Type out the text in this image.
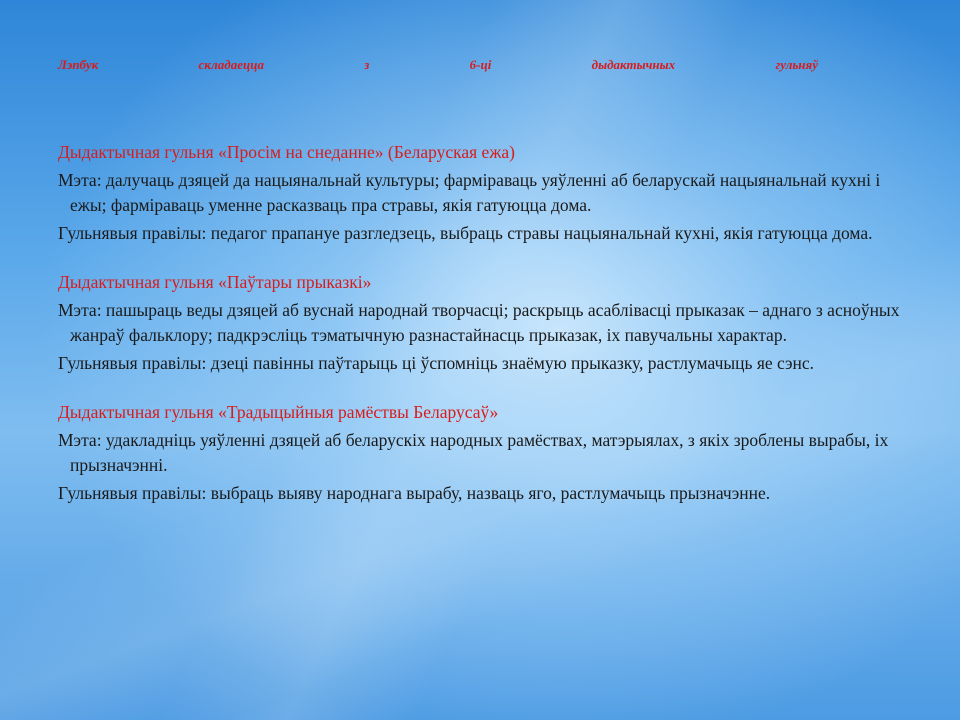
Лэпбук	складаецца	з	6-ці	дыдактычных	гульняў

Дыдактычная гульня «Просім на снеданне» (Беларуская ежа)

Мэта: далучаць дзяцей да нацыянальнай культуры; фарміраваць уяўленні аб беларускай нацыянальнай кухні і ежы; фарміраваць уменне расказваць пра стравы, якія гатуюцца дома.

Гульнявыя правілы: педагог прапануе разгледзець, выбраць стравы нацыянальнай кухні, якія гатуюцца дома.

Дыдактычная гульня «Паўтары прыказкі»

Мэта: пашыраць веды дзяцей аб вуснай народнай творчасці; раскрыць асаблівасці прыказак – аднаго з асноўных жанраў фальклору; падкрэсліць тэматычную разнастайнасць прыказак, іх павучальны характар.

Гульнявыя правілы: дзеці павінны паўтарыць ці ўспомніць знаёмую прыказку, растлумачыць яе сэнс.

Дыдактычная гульня «Традыцыйныя рамёствы Беларусаў»

Мэта: удакладніць уяўленні дзяцей аб беларускіх народных рамёствах, матэрыялах, з якіх зроблены вырабы, іх прызначэнні.

Гульнявыя правілы: выбраць выяву народнага вырабу, назваць яго, растлумачыць прызначэнне.
